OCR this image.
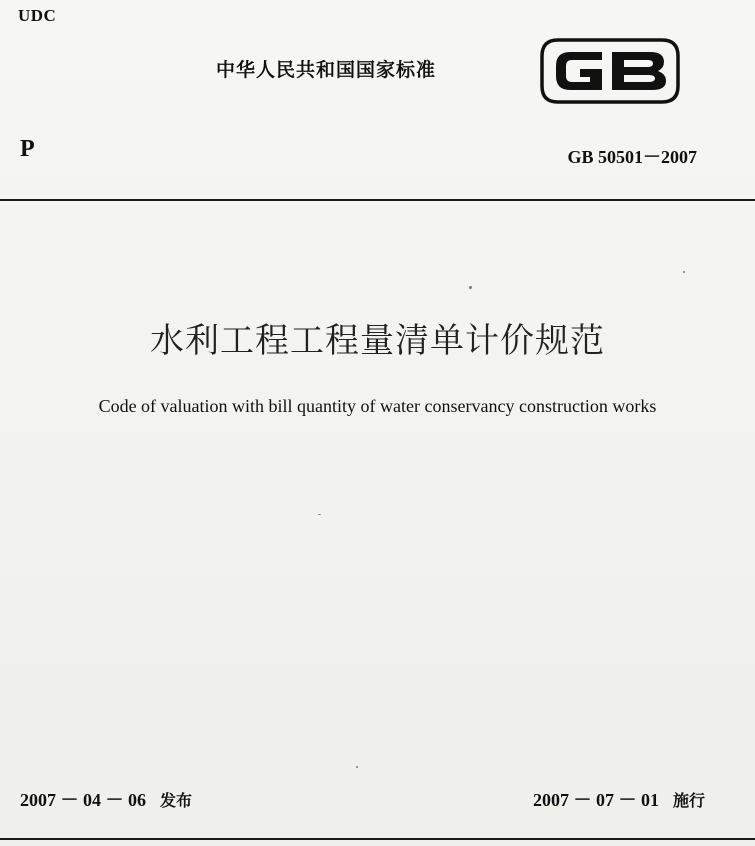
UDC
中华人民共和国国家标准	GB
P	GB 50501－2007
水利工程工程量清单计价规范
Code of valuation with bill quantity of water conservancy construction works
2007 － 04 － 06 发布	2007 － 07 － 01 施行
